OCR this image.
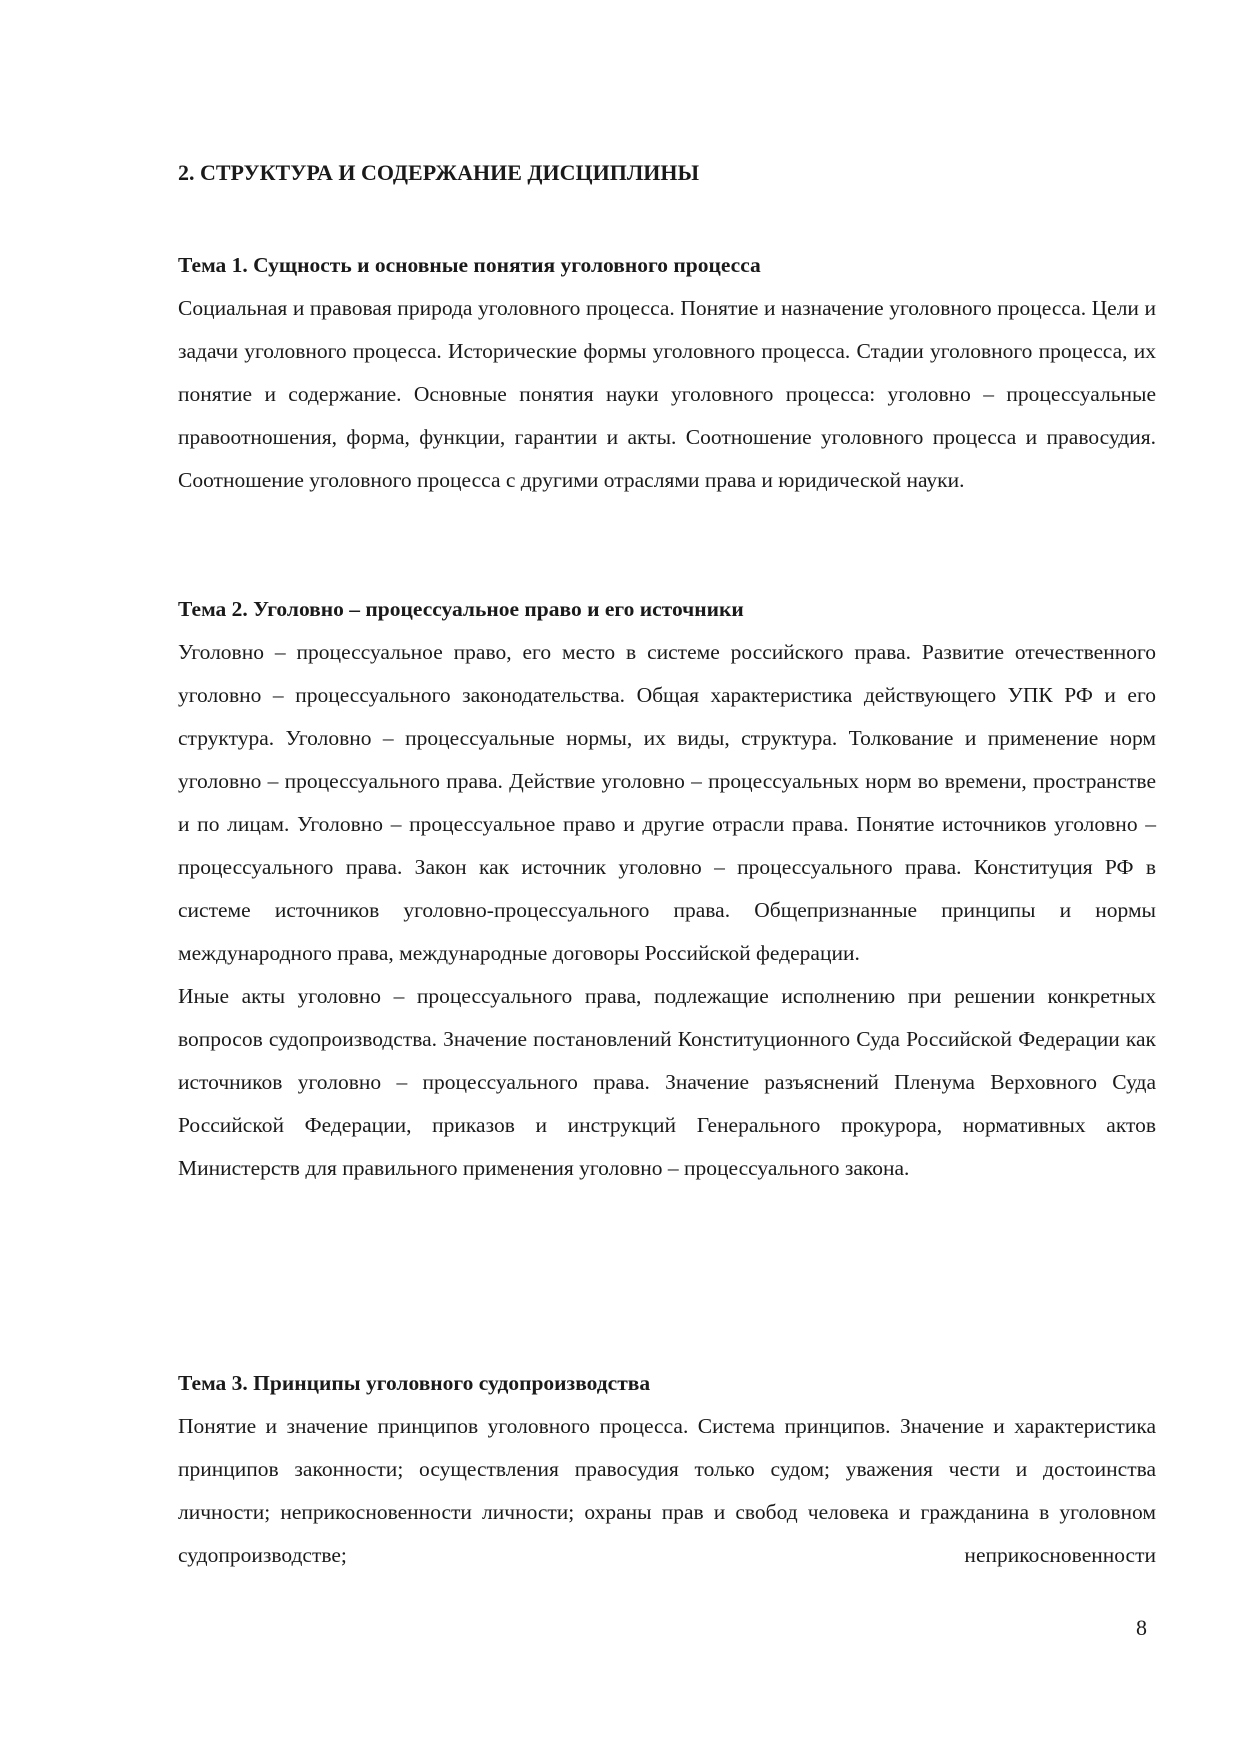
2. СТРУКТУРА И СОДЕРЖАНИЕ ДИСЦИПЛИНЫ
Тема 1. Сущность и основные понятия уголовного процесса

Социальная и правовая природа уголовного процесса. Понятие и назначение уголовного процесса. Цели и задачи уголовного процесса. Исторические формы уголовного процесса. Стадии уголовного процесса, их понятие и содержание. Основные понятия науки уголовного процесса: уголовно – процессуальные правоотношения, форма, функции, гарантии и акты. Соотношение уголовного процесса и правосудия. Соотношение уголовного процесса с другими отраслями права и юридической науки.

Тема 2. Уголовно – процессуальное право и его источники

Уголовно – процессуальное право, его место в системе российского права. Развитие отечественного уголовно – процессуального законодательства. Общая характеристика действующего УПК РФ и его структура. Уголовно – процессуальные нормы, их виды, структура. Толкование и применение норм уголовно – процессуального права. Действие уголовно – процессуальных норм во времени, пространстве и по лицам. Уголовно – процессуальное право и другие отрасли права. Понятие источников уголовно – процессуального права. Закон как источник уголовно – процессуального права. Конституция РФ в системе источников уголовно-процессуального права. Общепризнанные принципы и нормы международного права, международные договоры Российской федерации.

Иные акты уголовно – процессуального права, подлежащие исполнению при решении конкретных вопросов судопроизводства. Значение постановлений Конституционного Суда Российской Федерации как источников уголовно – процессуального права. Значение разъяснений Пленума Верховного Суда Российской Федерации, приказов и инструкций Генерального прокурора, нормативных актов Министерств для правильного применения уголовно – процессуального закона.

Тема 3. Принципы уголовного судопроизводства

Понятие и значение принципов уголовного процесса. Система принципов. Значение и характеристика принципов законности; осуществления правосудия только судом; уважения чести и достоинства личности; неприкосновенности личности; охраны прав и свобод человека и гражданина в уголовном судопроизводстве; неприкосновенности

8
